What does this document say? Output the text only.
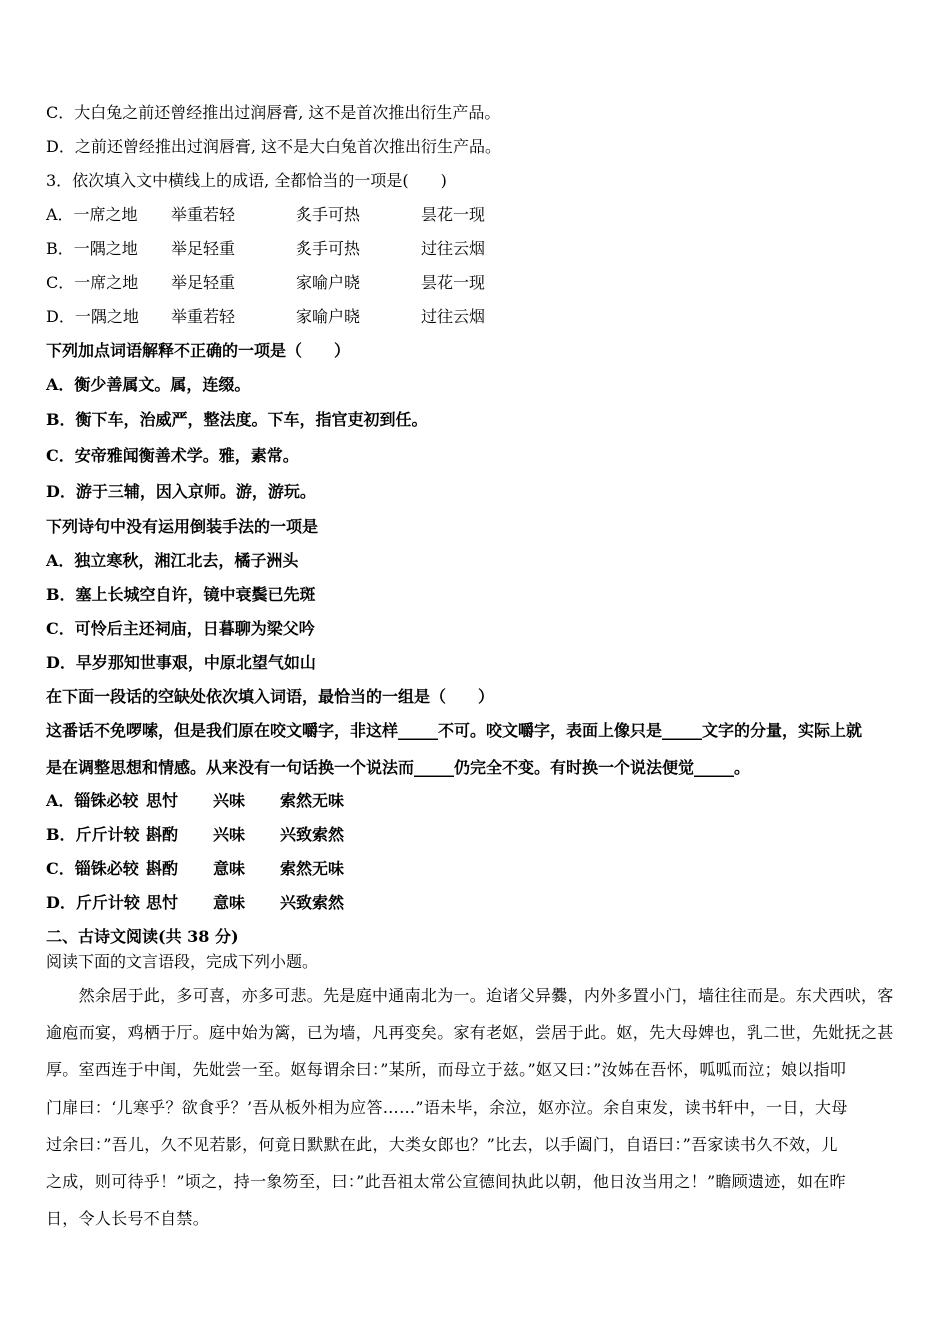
C．大白兔之前还曾经推出过润唇膏, 这不是首次推出衍生产品。
D．之前还曾经推出过润唇膏, 这不是大白兔首次推出衍生产品。
3．依次填入文中横线上的成语, 全都恰当的一项是(　　)
A．一席之地 举重若轻	炙手可热	昙花一现
B．一隅之地 举足轻重	炙手可热	过往云烟
C．一席之地 举足轻重	家喻户晓	昙花一现
D．一隅之地 举重若轻	家喻户晓	过往云烟
下列加点词语解释不正确的一项是（　　）
A．衡少善属文。属，连缀。
B．衡下车，治威严，整法度。下车，指官吏初到任。
C．安帝雅闻衡善术学。雅，素常。
D．游于三辅，因入京师。游，游玩。
下列诗句中没有运用倒装手法的一项是
A．独立寒秋，湘江北去，橘子洲头
B．塞上长城空自许，镜中衰鬓已先斑
C．可怜后主还祠庙，日暮聊为梁父吟
D．早岁那知世事艰，中原北望气如山
在下面一段话的空缺处依次填入词语，最恰当的一组是（　　）
这番话不免啰嗦，但是我们原在咬文嚼字，非这样_____不可。咬文嚼字，表面上像只是_____文字的分量，实际上就
是在调整思想和情感。从来没有一句话换一个说法而_____仍完全不变。有时换一个说法便觉_____。
A．锱铢必较 思忖 兴味 索然无味
B．斤斤计较 斟酌 兴味 兴致索然
C．锱铢必较 斟酌 意味 索然无味
D．斤斤计较 思忖 意味 兴致索然
二、古诗文阅读(共 38 分)
阅读下面的文言语段，完成下列小题。
　　然余居于此，多可喜，亦多可悲。先是庭中通南北为一。迨诸父异爨，内外多置小门，墙往往而是。东犬西吠，客
逾庖而宴，鸡栖于厅。庭中始为篱，已为墙，凡再变矣。家有老妪，尝居于此。妪，先大母婢也，乳二世，先妣抚之甚
厚。室西连于中闺，先妣尝一至。妪每谓余曰：”某所，而母立于兹。”妪又曰：”汝姊在吾怀，呱呱而泣；娘以指叩
门扉曰：‘儿寒乎？欲食乎？’吾从板外相为应答……”语未毕，余泣，妪亦泣。余自束发，读书轩中，一日，大母
过余曰：”吾儿，久不见若影，何竟日默默在此，大类女郎也？”比去，以手阖门，自语曰：”吾家读书久不效，儿
之成，则可待乎！”顷之，持一象笏至，曰：”此吾祖太常公宣德间执此以朝，他日汝当用之！”瞻顾遗迹，如在昨
日，令人长号不自禁。
